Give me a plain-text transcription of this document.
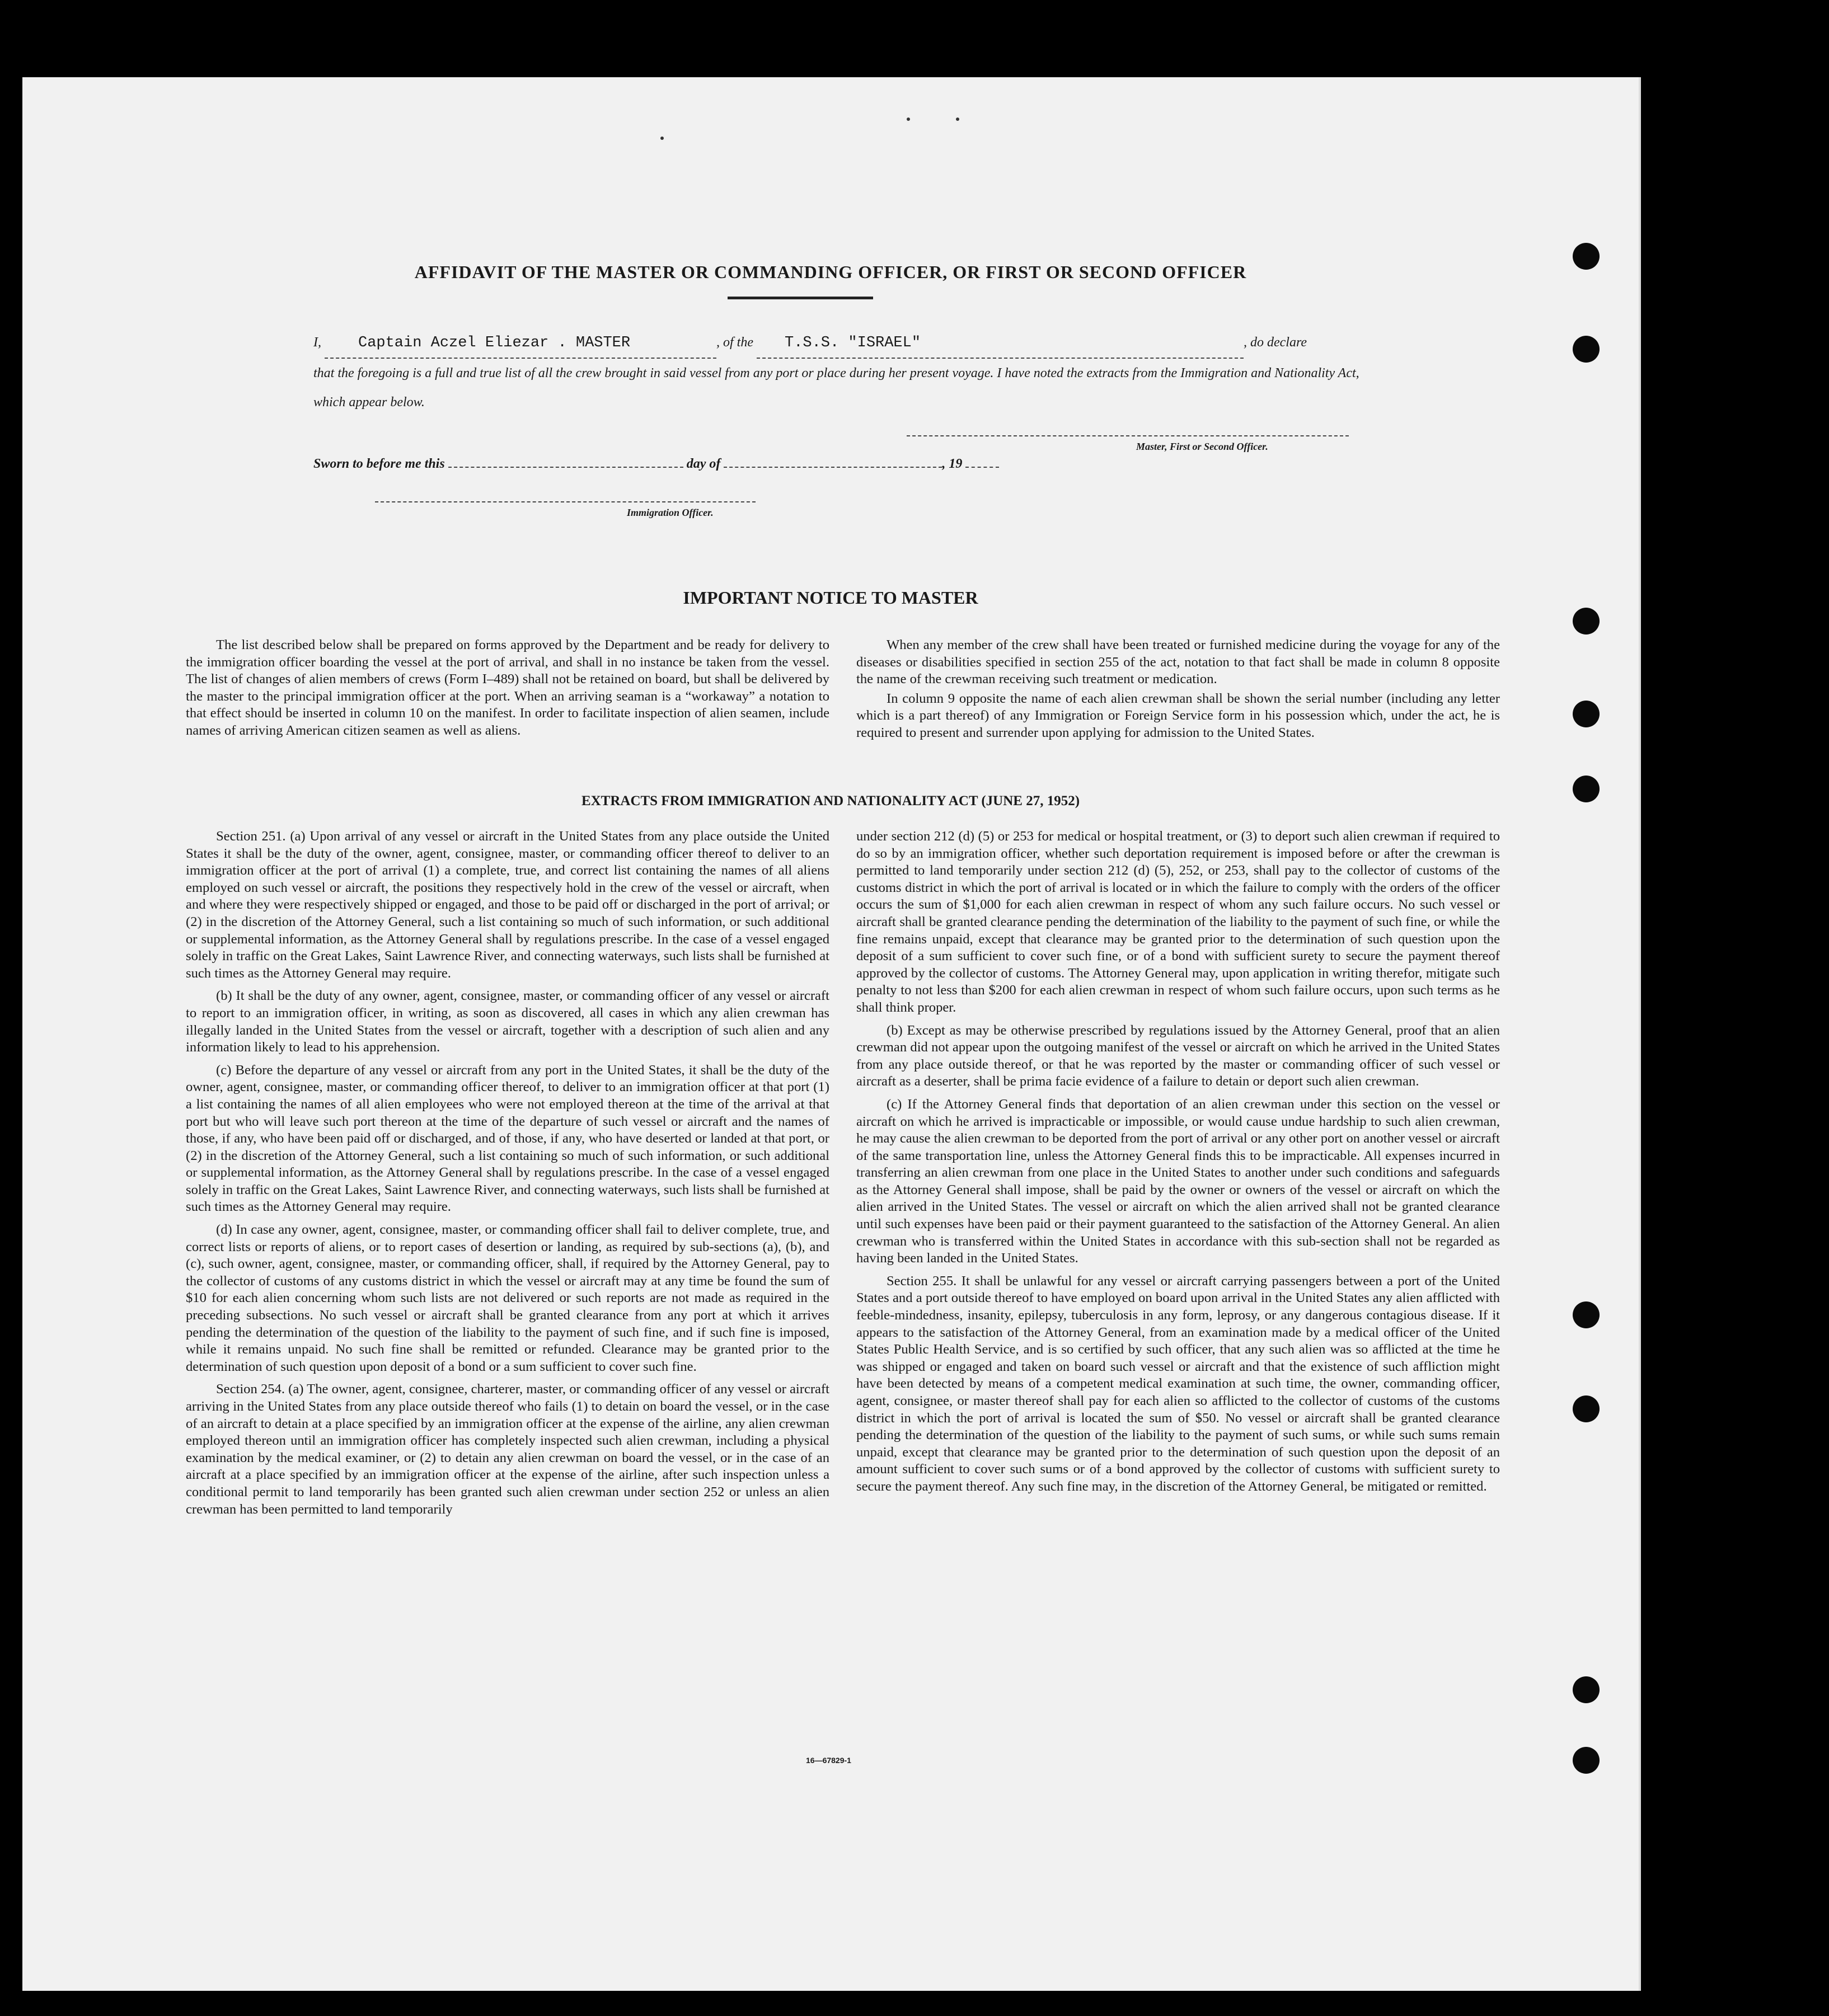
AFFIDAVIT OF THE MASTER OR COMMANDING OFFICER, OR FIRST OR SECOND OFFICER
I, Captain Aczel Eliezar . MASTER	, of the T.S.S. "ISRAEL"	, do declare
that the foregoing is a full and true list of all the crew brought in said vessel from any port or place during her present voyage. I have noted the extracts from the Immigration and Nationality Act, which appear below.
Master, First or Second Officer.
Sworn to before me this	day of	, 19
Immigration Officer.
IMPORTANT NOTICE TO MASTER

The list described below shall be prepared on forms approved by the Department and be ready for delivery to the immigration officer boarding the vessel at the port of arrival, and shall in no instance be taken from the vessel. The list of changes of alien members of crews (Form I–489) shall not be retained on board, but shall be delivered by the master to the principal immigration officer at the port. When an arriving seaman is a “workaway” a notation to that effect should be inserted in column 10 on the manifest. In order to facilitate inspection of alien seamen, include names of arriving American citizen seamen as well as aliens.

When any member of the crew shall have been treated or furnished medicine during the voyage for any of the diseases or disabilities specified in section 255 of the act, notation to that fact shall be made in column 8 opposite the name of the crewman receiving such treatment or medication.

In column 9 opposite the name of each alien crewman shall be shown the serial number (including any letter which is a part thereof) of any Immigration or Foreign Service form in his possession which, under the act, he is required to present and surrender upon applying for admission to the United States.

EXTRACTS FROM IMMIGRATION AND NATIONALITY ACT (JUNE 27, 1952)

Section 251. (a) Upon arrival of any vessel or aircraft in the United States from any place outside the United States it shall be the duty of the owner, agent, consignee, master, or commanding officer thereof to deliver to an immigration officer at the port of arrival (1) a complete, true, and correct list containing the names of all aliens employed on such vessel or aircraft, the positions they respectively hold in the crew of the vessel or aircraft, when and where they were respectively shipped or engaged, and those to be paid off or discharged in the port of arrival; or (2) in the discretion of the Attorney General, such a list containing so much of such information, or such additional or supplemental information, as the Attorney General shall by regulations prescribe. In the case of a vessel engaged solely in traffic on the Great Lakes, Saint Lawrence River, and connecting waterways, such lists shall be furnished at such times as the Attorney General may require.

(b) It shall be the duty of any owner, agent, consignee, master, or commanding officer of any vessel or aircraft to report to an immigration officer, in writing, as soon as discovered, all cases in which any alien crewman has illegally landed in the United States from the vessel or aircraft, together with a description of such alien and any information likely to lead to his apprehension.

(c) Before the departure of any vessel or aircraft from any port in the United States, it shall be the duty of the owner, agent, consignee, master, or commanding officer thereof, to deliver to an immigration officer at that port (1) a list containing the names of all alien employees who were not employed thereon at the time of the arrival at that port but who will leave such port thereon at the time of the departure of such vessel or aircraft and the names of those, if any, who have been paid off or discharged, and of those, if any, who have deserted or landed at that port, or (2) in the discretion of the Attorney General, such a list containing so much of such information, or such additional or supplemental information, as the Attorney General shall by regulations prescribe. In the case of a vessel engaged solely in traffic on the Great Lakes, Saint Lawrence River, and connecting waterways, such lists shall be furnished at such times as the Attorney General may require.

(d) In case any owner, agent, consignee, master, or commanding officer shall fail to deliver complete, true, and correct lists or reports of aliens, or to report cases of desertion or landing, as required by sub-sections (a), (b), and (c), such owner, agent, consignee, master, or commanding officer, shall, if required by the Attorney General, pay to the collector of customs of any customs district in which the vessel or aircraft may at any time be found the sum of $10 for each alien concerning whom such lists are not delivered or such reports are not made as required in the preceding subsections. No such vessel or aircraft shall be granted clearance from any port at which it arrives pending the determination of the question of the liability to the payment of such fine, and if such fine is imposed, while it remains unpaid. No such fine shall be remitted or refunded. Clearance may be granted prior to the determination of such question upon deposit of a bond or a sum sufficient to cover such fine.

Section 254. (a) The owner, agent, consignee, charterer, master, or commanding officer of any vessel or aircraft arriving in the United States from any place outside thereof who fails (1) to detain on board the vessel, or in the case of an aircraft to detain at a place specified by an immigration officer at the expense of the airline, any alien crewman employed thereon until an immigration officer has completely inspected such alien crewman, including a physical examination by the medical examiner, or (2) to detain any alien crewman on board the vessel, or in the case of an aircraft at a place specified by an immigration officer at the expense of the airline, after such inspection unless a conditional permit to land temporarily has been granted such alien crewman under section 252 or unless an alien crewman has been permitted to land temporarily

under section 212 (d) (5) or 253 for medical or hospital treatment, or (3) to deport such alien crewman if required to do so by an immigration officer, whether such deportation requirement is imposed before or after the crewman is permitted to land temporarily under section 212 (d) (5), 252, or 253, shall pay to the collector of customs of the customs district in which the port of arrival is located or in which the failure to comply with the orders of the officer occurs the sum of $1,000 for each alien crewman in respect of whom any such failure occurs. No such vessel or aircraft shall be granted clearance pending the determination of the liability to the payment of such fine, or while the fine remains unpaid, except that clearance may be granted prior to the determination of such question upon the deposit of a sum sufficient to cover such fine, or of a bond with sufficient surety to secure the payment thereof approved by the collector of customs. The Attorney General may, upon application in writing therefor, mitigate such penalty to not less than $200 for each alien crewman in respect of whom such failure occurs, upon such terms as he shall think proper.

(b) Except as may be otherwise prescribed by regulations issued by the Attorney General, proof that an alien crewman did not appear upon the outgoing manifest of the vessel or aircraft on which he arrived in the United States from any place outside thereof, or that he was reported by the master or commanding officer of such vessel or aircraft as a deserter, shall be prima facie evidence of a failure to detain or deport such alien crewman.

(c) If the Attorney General finds that deportation of an alien crewman under this section on the vessel or aircraft on which he arrived is impracticable or impossible, or would cause undue hardship to such alien crewman, he may cause the alien crewman to be deported from the port of arrival or any other port on another vessel or aircraft of the same transportation line, unless the Attorney General finds this to be impracticable. All expenses incurred in transferring an alien crewman from one place in the United States to another under such conditions and safeguards as the Attorney General shall impose, shall be paid by the owner or owners of the vessel or aircraft on which the alien arrived in the United States. The vessel or aircraft on which the alien arrived shall not be granted clearance until such expenses have been paid or their payment guaranteed to the satisfaction of the Attorney General. An alien crewman who is transferred within the United States in accordance with this sub-section shall not be regarded as having been landed in the United States.

Section 255. It shall be unlawful for any vessel or aircraft carrying passengers between a port of the United States and a port outside thereof to have employed on board upon arrival in the United States any alien afflicted with feeble-mindedness, insanity, epilepsy, tuberculosis in any form, leprosy, or any dangerous contagious disease. If it appears to the satisfaction of the Attorney General, from an examination made by a medical officer of the United States Public Health Service, and is so certified by such officer, that any such alien was so afflicted at the time he was shipped or engaged and taken on board such vessel or aircraft and that the existence of such affliction might have been detected by means of a competent medical examination at such time, the owner, commanding officer, agent, consignee, or master thereof shall pay for each alien so afflicted to the collector of customs of the customs district in which the port of arrival is located the sum of $50. No vessel or aircraft shall be granted clearance pending the determination of the question of the liability to the payment of such sums, or while such sums remain unpaid, except that clearance may be granted prior to the determination of such question upon the deposit of an amount sufficient to cover such sums or of a bond approved by the collector of customs with sufficient surety to secure the payment thereof. Any such fine may, in the discretion of the Attorney General, be mitigated or remitted.

16—67829-1
